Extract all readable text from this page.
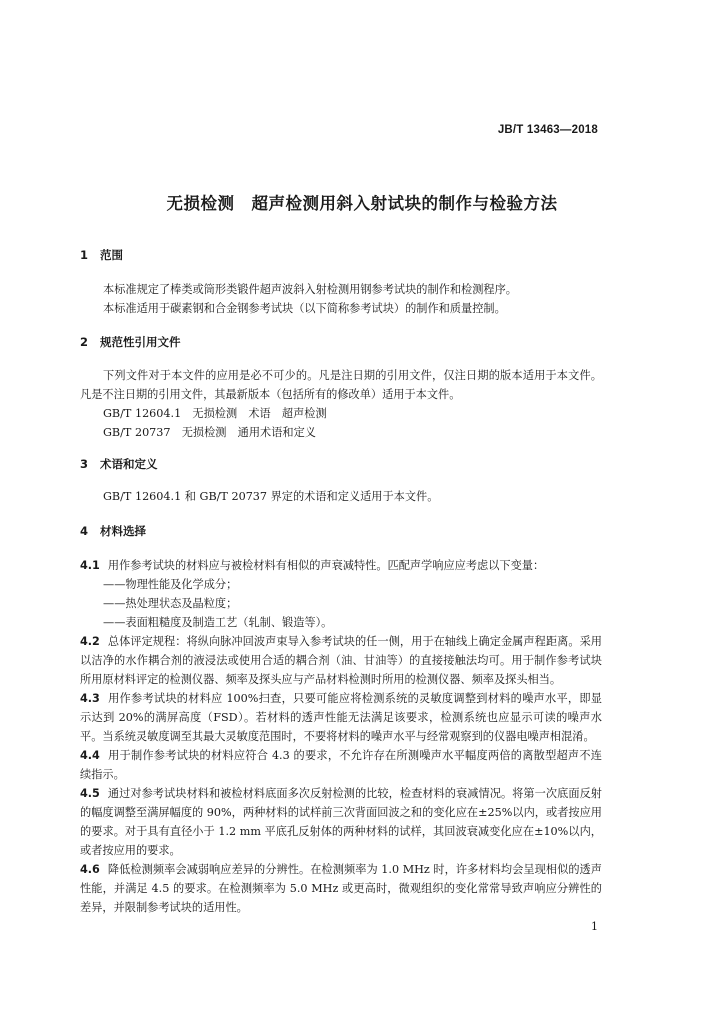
JB/T 13463—2018
无损检测　超声检测用斜入射试块的制作与检验方法
1 范围

本标准规定了棒类或筒形类锻件超声波斜入射检测用钢参考试块的制作和检测程序。

本标准适用于碳素钢和合金钢参考试块（以下简称参考试块）的制作和质量控制。

2 规范性引用文件

下列文件对于本文件的应用是必不可少的。凡是注日期的引用文件，仅注日期的版本适用于本文件。凡是不注日期的引用文件，其最新版本（包括所有的修改单）适用于本文件。

GB/T 12604.1　无损检测　术语　超声检测

GB/T 20737　无损检测　通用术语和定义

3 术语和定义

GB/T 12604.1 和 GB/T 20737 界定的术语和定义适用于本文件。

4 材料选择

4.1 用作参考试块的材料应与被检材料有相似的声衰减特性。匹配声学响应应考虑以下变量：

——物理性能及化学成分；

——热处理状态及晶粒度；

——表面粗糙度及制造工艺（轧制、锻造等）。

4.2 总体评定规程：将纵向脉冲回波声束导入参考试块的任一侧，用于在轴线上确定金属声程距离。采用以洁净的水作耦合剂的液浸法或使用合适的耦合剂（油、甘油等）的直接接触法均可。用于制作参考试块所用原材料评定的检测仪器、频率及探头应与产品材料检测时所用的检测仪器、频率及探头相当。

4.3 用作参考试块的材料应 100%扫查，只要可能应将检测系统的灵敏度调整到材料的噪声水平，即显示达到 20%的满屏高度（FSD）。若材料的透声性能无法满足该要求，检测系统也应显示可读的噪声水平。当系统灵敏度调至其最大灵敏度范围时，不要将材料的噪声水平与经常观察到的仪器电噪声相混淆。

4.4 用于制作参考试块的材料应符合 4.3 的要求，不允许存在所测噪声水平幅度两倍的离散型超声不连续指示。

4.5 通过对参考试块材料和被检材料底面多次反射检测的比较，检查材料的衰减情况。将第一次底面反射的幅度调整至满屏幅度的 90%，两种材料的试样前三次背面回波之和的变化应在±25%以内，或者按应用的要求。对于具有直径小于 1.2 mm 平底孔反射体的两种材料的试样，其回波衰减变化应在±10%以内，或者按应用的要求。

4.6 降低检测频率会减弱响应差异的分辨性。在检测频率为 1.0 MHz 时，许多材料均会呈现相似的透声性能，并满足 4.5 的要求。在检测频率为 5.0 MHz 或更高时，微观组织的变化常常导致声响应分辨性的差异，并限制参考试块的适用性。

1
